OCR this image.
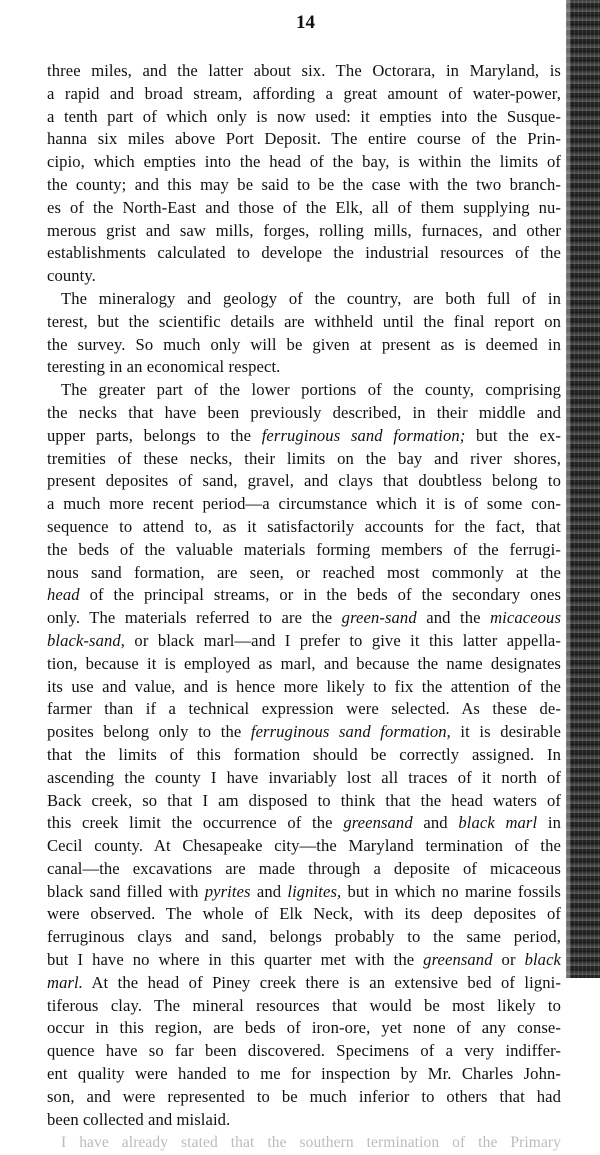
14
three miles, and the latter about six. The Octorara, in Maryland, is
a rapid and broad stream, affording a great amount of water-power,
a tenth part of which only is now used: it empties into the Susque-
hanna six miles above Port Deposit. The entire course of the Prin-
cipio, which empties into the head of the bay, is within the limits of
the county; and this may be said to be the case with the two branch-
es of the North-East and those of the Elk, all of them supplying nu-
merous grist and saw mills, forges, rolling mills, furnaces, and other
establishments calculated to develope the industrial resources of the
county.
The mineralogy and geology of the country, are both full of in
terest, but the scientific details are withheld until the final report on
the survey. So much only will be given at present as is deemed in
teresting in an economical respect.
The greater part of the lower portions of the county, comprising
the necks that have been previously described, in their middle and
upper parts, belongs to the ferruginous sand formation; but the ex-
tremities of these necks, their limits on the bay and river shores,
present deposites of sand, gravel, and clays that doubtless belong to
a much more recent period—a circumstance which it is of some con-
sequence to attend to, as it satisfactorily accounts for the fact, that
the beds of the valuable materials forming members of the ferrugi-
nous sand formation, are seen, or reached most commonly at the
head of the principal streams, or in the beds of the secondary ones
only. The materials referred to are the green-sand and the micaceous
black-sand, or black marl—and I prefer to give it this latter appella-
tion, because it is employed as marl, and because the name designates
its use and value, and is hence more likely to fix the attention of the
farmer than if a technical expression were selected. As these de-
posites belong only to the ferruginous sand formation, it is desirable
that the limits of this formation should be correctly assigned. In
ascending the county I have invariably lost all traces of it north of
Back creek, so that I am disposed to think that the head waters of
this creek limit the occurrence of the greensand and black marl in
Cecil county. At Chesapeake city—the Maryland termination of the
canal—the excavations are made through a deposite of micaceous
black sand filled with pyrites and lignites, but in which no marine fossils
were observed. The whole of Elk Neck, with its deep deposites of
ferruginous clays and sand, belongs probably to the same period,
but I have no where in this quarter met with the greensand or black
marl. At the head of Piney creek there is an extensive bed of ligni-
tiferous clay. The mineral resources that would be most likely to
occur in this region, are beds of iron-ore, yet none of any conse-
quence have so far been discovered. Specimens of a very indiffer-
ent quality were handed to me for inspection by Mr. Charles John-
son, and were represented to be much inferior to others that had
been collected and mislaid.
I have already stated that the southern termination of the Primary
